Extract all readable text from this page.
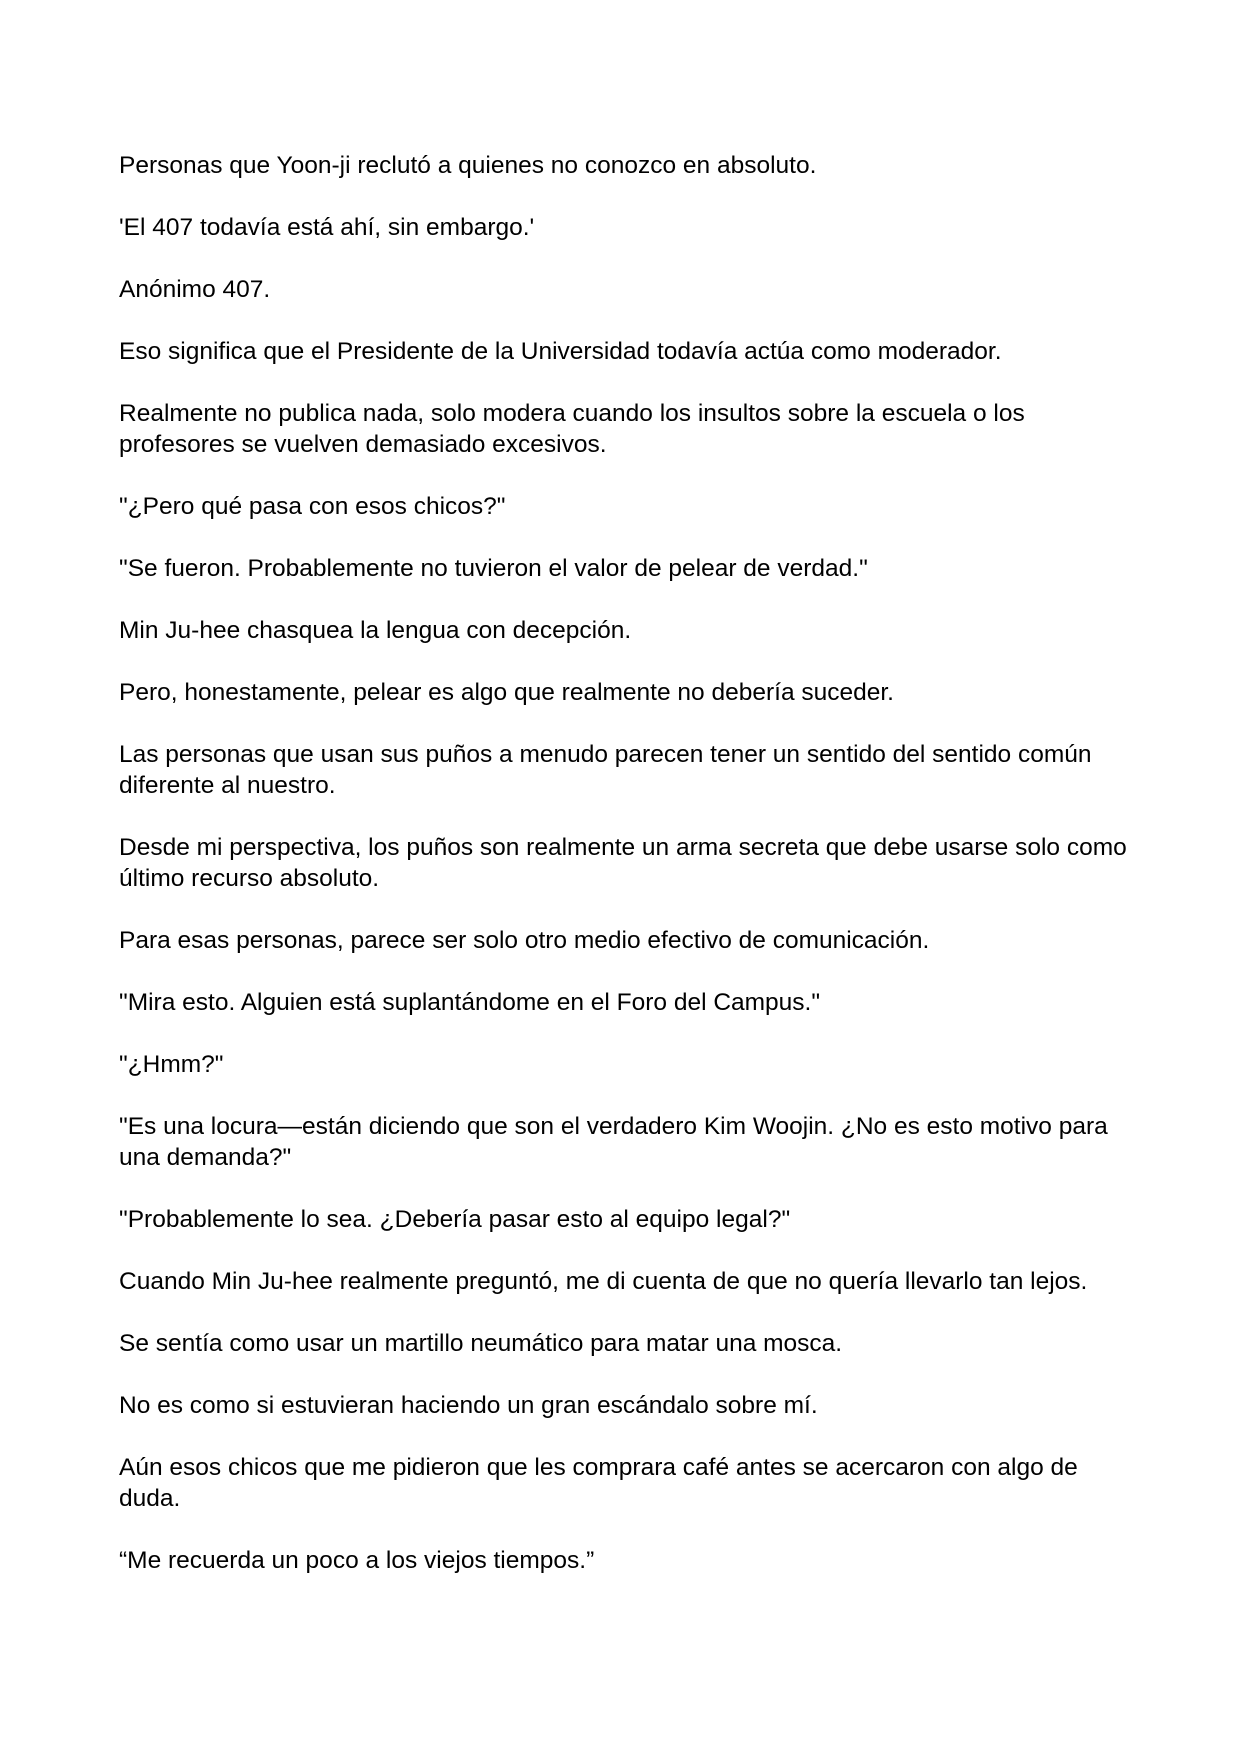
Personas que Yoon-ji reclutó a quienes no conozco en absoluto.

'El 407 todavía está ahí, sin embargo.'

Anónimo 407.

Eso significa que el Presidente de la Universidad todavía actúa como moderador.

Realmente no publica nada, solo modera cuando los insultos sobre la escuela o los profesores se vuelven demasiado excesivos.

"¿Pero qué pasa con esos chicos?"

"Se fueron. Probablemente no tuvieron el valor de pelear de verdad."

Min Ju-hee chasquea la lengua con decepción.

Pero, honestamente, pelear es algo que realmente no debería suceder.

Las personas que usan sus puños a menudo parecen tener un sentido del sentido común diferente al nuestro.

Desde mi perspectiva, los puños son realmente un arma secreta que debe usarse solo como último recurso absoluto.

Para esas personas, parece ser solo otro medio efectivo de comunicación.

"Mira esto. Alguien está suplantándome en el Foro del Campus."

"¿Hmm?"

"Es una locura—están diciendo que son el verdadero Kim Woojin. ¿No es esto motivo para una demanda?"

"Probablemente lo sea. ¿Debería pasar esto al equipo legal?"

Cuando Min Ju-hee realmente preguntó, me di cuenta de que no quería llevarlo tan lejos.

Se sentía como usar un martillo neumático para matar una mosca.

No es como si estuvieran haciendo un gran escándalo sobre mí.

Aún esos chicos que me pidieron que les comprara café antes se acercaron con algo de duda.

“Me recuerda un poco a los viejos tiempos.”
